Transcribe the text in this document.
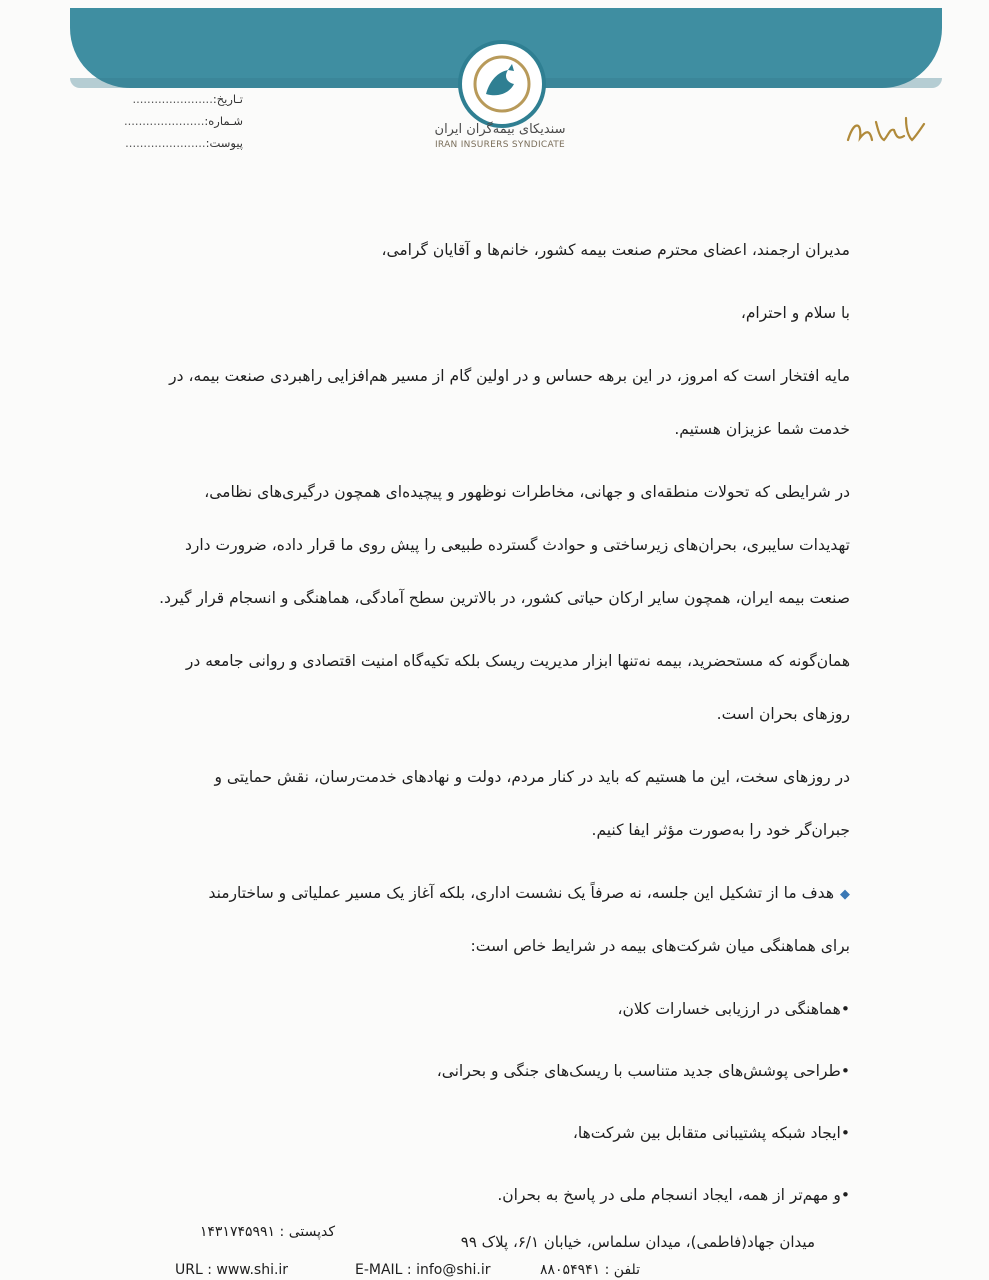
سندیکای بیمه‌گران ایران
IRAN INSURERS SYNDICATE
تـاریخ:......................
شـماره:......................
پیوست:......................
مدیران ارجمند، اعضای محترم صنعت بیمه کشور، خانم‌ها و آقایان گرامی،
با سلام و احترام،
مایه افتخار است که امروز، در این برهه حساس و در اولین گام از مسیر هم‌افزایی راهبردی صنعت بیمه، در
خدمت شما عزیزان هستیم.
در شرایطی که تحولات منطقه‌ای و جهانی، مخاطرات نوظهور و پیچیده‌ای همچون درگیری‌های نظامی،
تهدیدات سایبری، بحران‌های زیرساختی و حوادث گسترده طبیعی را پیش روی ما قرار داده، ضرورت دارد
صنعت بیمه ایران، همچون سایر ارکان حیاتی کشور، در بالاترین سطح آمادگی، هماهنگی و انسجام قرار گیرد.
همان‌گونه که مستحضرید، بیمه نه‌تنها ابزار مدیریت ریسک بلکه تکیه‌گاه امنیت اقتصادی و روانی جامعه در
روزهای بحران است.
در روزهای سخت، این ما هستیم که باید در کنار مردم، دولت و نهادهای خدمت‌رسان، نقش حمایتی و
جبران‌گر خود را به‌صورت مؤثر ایفا کنیم.
◆هدف ما از تشکیل این جلسه، نه صرفاً یک نشست اداری، بلکه آغاز یک مسیر عملیاتی و ساختارمند
برای هماهنگی میان شرکت‌های بیمه در شرایط خاص است:
•هماهنگی در ارزیابی خسارات کلان،
•طراحی پوشش‌های جدید متناسب با ریسک‌های جنگی و بحرانی،
•ایجاد شبکه پشتیبانی متقابل بین شرکت‌ها،
•و مهم‌تر از همه، ایجاد انسجام ملی در پاسخ به بحران.
میدان جهاد(فاطمی)، میدان سلماس، خیابان ۶/۱، پلاک ۹۹
کدپستی : ۱۴۳۱۷۴۵۹۹۱
URL : www.shi.ir	E-MAIL : info@shi.ir	۸۸۰۵۴۹۴۱ : تلفن
